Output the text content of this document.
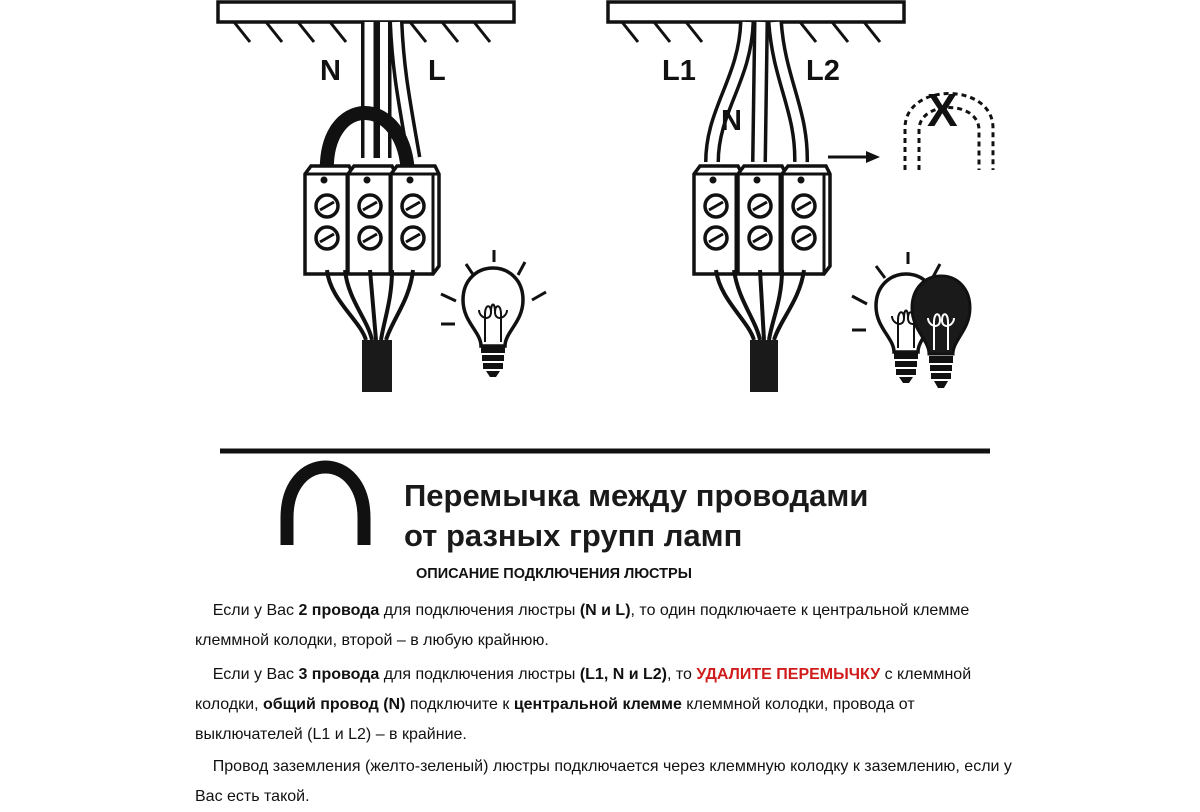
N	L	L1	L2
N	X
Перемычка между проводами
от разных групп ламп
ОПИСАНИЕ ПОДКЛЮЧЕНИЯ ЛЮСТРЫ

Если у Вас 2 провода для подключения люстры (N и L), то один подключаете к центральной клемме клеммной колодки, второй – в любую крайнюю.

Если у Вас 3 провода для подключения люстры (L1, N и L2), то УДАЛИТЕ ПЕРЕМЫЧКУ с клеммной колодки, общий провод (N) подключите к центральной клемме клеммной колодки, провода от выключателей (L1 и L2) – в крайние.

Провод заземления (желто-зеленый) люстры подключается через клеммную колодку к заземлению, если у Вас есть такой.
